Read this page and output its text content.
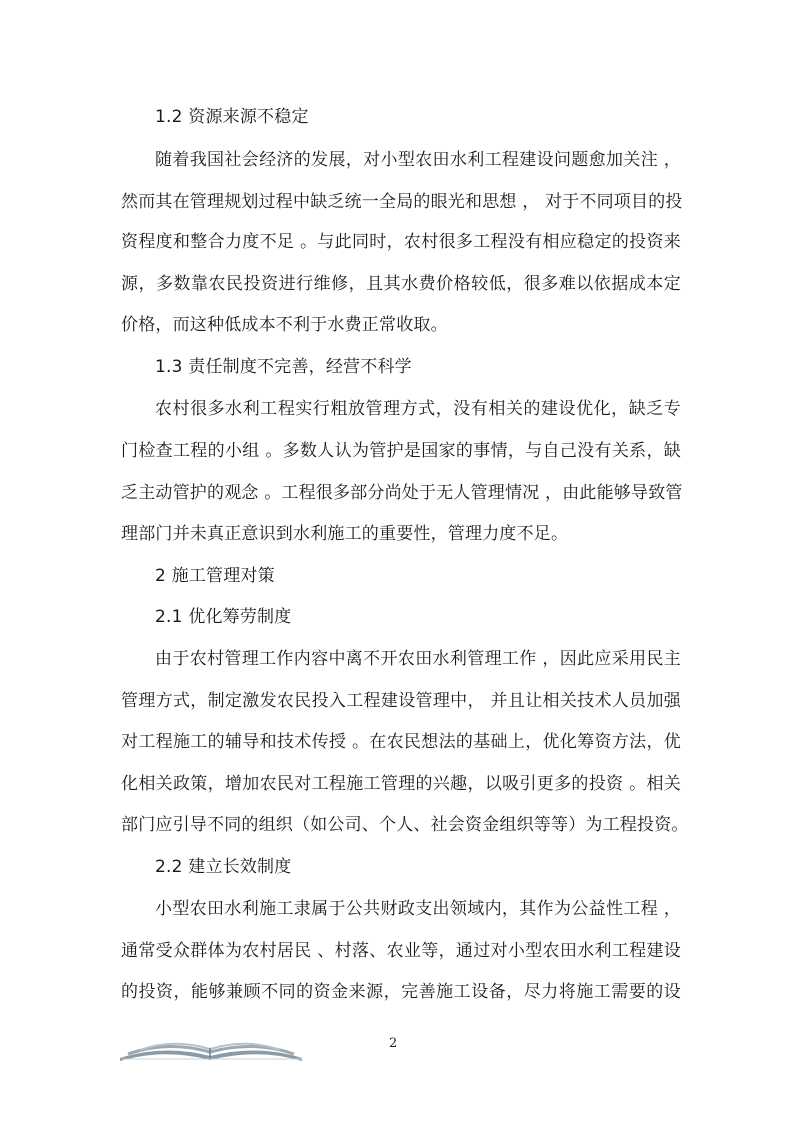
1.2 资源来源不稳定
随着我国社会经济的发展，对小型农田水利工程建设问题愈加关注 ，
然而其在管理规划过程中缺乏统一全局的眼光和思想 ， 对于不同项目的投
资程度和整合力度不足 。与此同时，农村很多工程没有相应稳定的投资来
源，多数靠农民投资进行维修，且其水费价格较低，很多难以依据成本定
价格，而这种低成本不利于水费正常收取。
1.3 责任制度不完善，经营不科学
农村很多水利工程实行粗放管理方式，没有相关的建设优化，缺乏专
门检查工程的小组 。多数人认为管护是国家的事情，与自己没有关系，缺
乏主动管护的观念 。工程很多部分尚处于无人管理情况 ，由此能够导致管
理部门并未真正意识到水利施工的重要性，管理力度不足。
2 施工管理对策
2.1 优化筹劳制度
由于农村管理工作内容中离不开农田水利管理工作 ，因此应采用民主
管理方式，制定激发农民投入工程建设管理中， 并且让相关技术人员加强
对工程施工的辅导和技术传授 。在农民想法的基础上，优化筹资方法，优
化相关政策，增加农民对工程施工管理的兴趣，以吸引更多的投资 。相关
部门应引导不同的组织（如公司、个人、社会资金组织等等）为工程投资。
2.2 建立长效制度
小型农田水利施工隶属于公共财政支出领域内，其作为公益性工程 ，
通常受众群体为农村居民 、村落、农业等，通过对小型农田水利工程建设
的投资，能够兼顾不同的资金来源，完善施工设备，尽力将施工需要的设
2
